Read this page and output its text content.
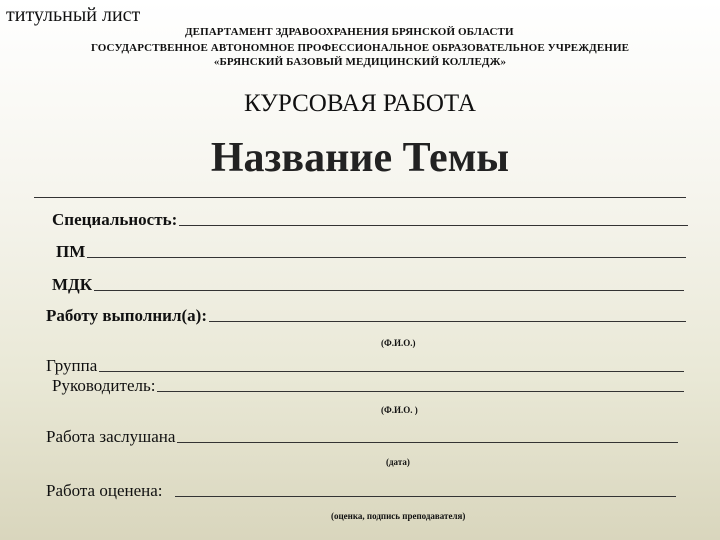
титульный лист
ДЕПАРТАМЕНТ ЗДРАВООХРАНЕНИЯ БРЯНСКОЙ ОБЛАСТИ
ГОСУДАРСТВЕННОЕ АВТОНОМНОЕ ПРОФЕССИОНАЛЬНОЕ ОБРАЗОВАТЕЛЬНОЕ УЧРЕЖДЕНИЕ
«БРЯНСКИЙ БАЗОВЫЙ МЕДИЦИНСКИЙ КОЛЛЕДЖ»
КУРСОВАЯ РАБОТА
Название Темы
Специальность:
ПМ
МДК
Работу выполнил(а):
(Ф.И.О.)
Группа
Руководитель:
(Ф.И.О. )
Работа заслушана
(дата)
Работа оценена:
(оценка, подпись преподавателя)
